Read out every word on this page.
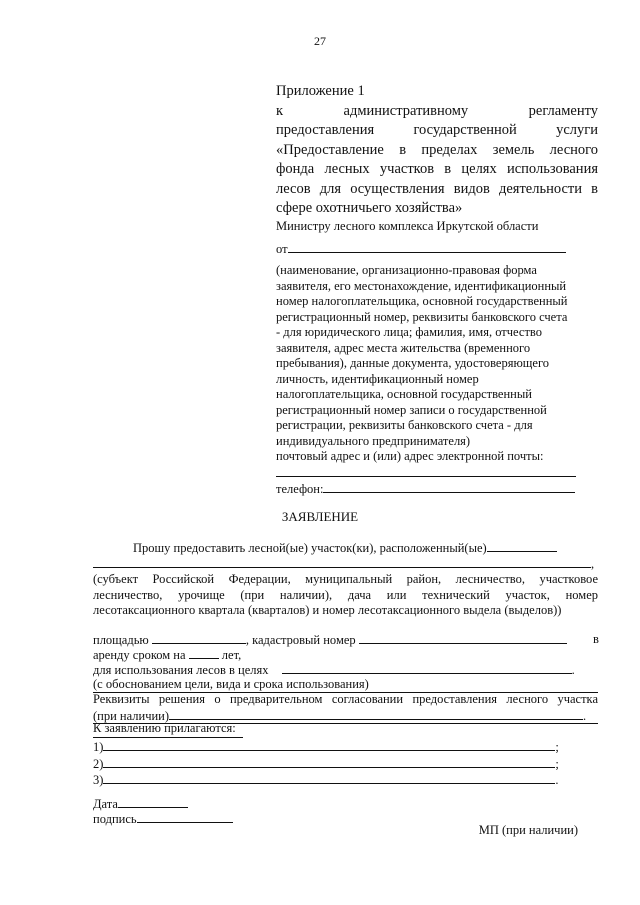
27
Приложение 1
к административному регламенту
предоставления государственной услуги
«Предоставление в пределах земель лесного
фонда лесных участков в целях использования
лесов для осуществления видов деятельности в
сфере охотничьего хозяйства»
Министру лесного комплекса Иркутской области
от
(наименование, организационно-правовая форма
заявителя, его местонахождение, идентификационный
номер налогоплательщика, основной государственный
регистрационный номер, реквизиты банковского счета
- для юридического лица; фамилия, имя, отчество
заявителя, адрес места жительства (временного
пребывания), данные документа, удостоверяющего
личность, идентификационный номер
налогоплательщика, основной государственный
регистрационный номер записи о государственной
регистрации, реквизиты банковского счета - для
индивидуального предпринимателя)
почтовый адрес и (или) адрес электронной почты:
телефон:
ЗАЯВЛЕНИЕ
Прошу предоставить лесной(ые) участок(ки), расположенный(ые)
,
(субъект Российской Федерации, муниципальный район, лесничество, участковое
лесничество, урочище (при наличии), дача или технический участок, номер
лесотаксационного квартала (кварталов) и номер лесотаксационного выдела (выделов))
площадью	, кадастровый номер	в
аренду сроком на	лет,
для использования лесов в целях	.
(с обоснованием цели, вида и срока использования)
Реквизиты решения о предварительном согласовании предоставления лесного участка
(при наличии)	.
К заявлению прилагаются:
1)	;
2)	;
3)	.
Дата
подпись
МП (при наличии)
